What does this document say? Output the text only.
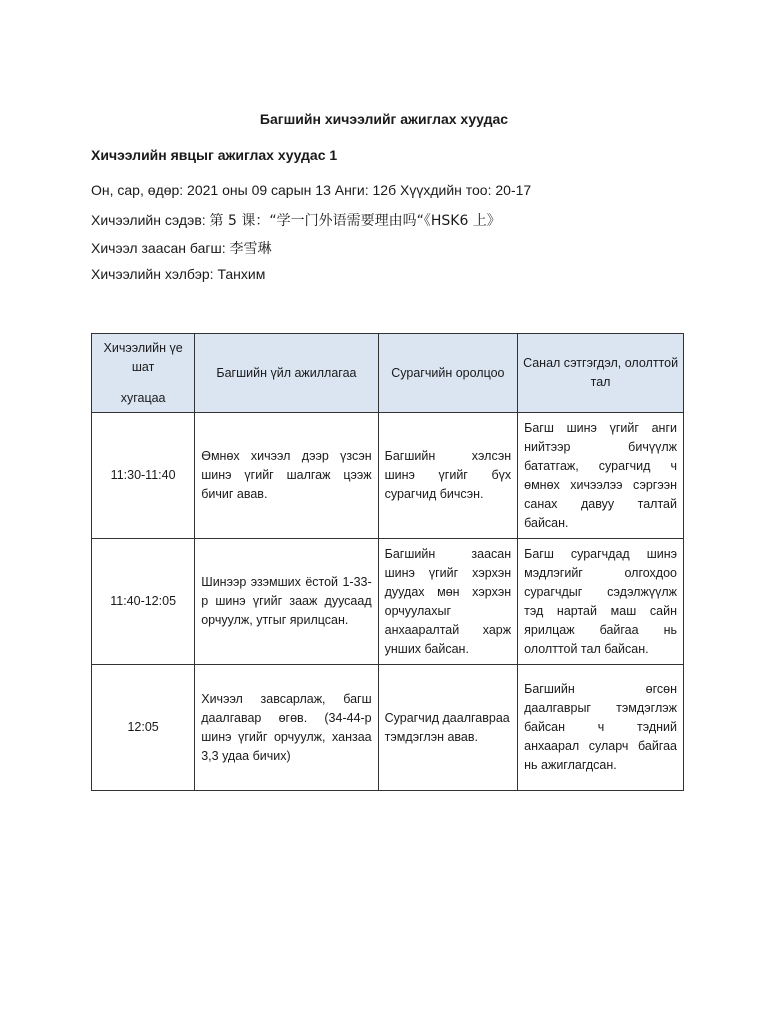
Багшийн хичээлийг ажиглах хуудас
Хичээлийн явцыг ажиглах хуудас 1
Он, сар, өдөр: 2021 оны 09 сарын 13 Анги: 12б Хүүхдийн тоо: 20-17
Хичээлийн сэдэв: 第 5 课：“学一门外语需要理由吗“《HSK6 上》
Хичээл заасан багш: 李雪琳
Хичээлийн хэлбэр: Танхим
Хичээлийн үе
шат
хугацаа	Багшийн үйл ажиллагаа	Сурагчийн оролцоо	Санал сэтгэгдэл, ололттой тал
11:30-11:40	Өмнөх хичээл дээр үзсэн шинэ үгийг шалгаж цээж бичиг авав.	Багшийн хэлсэн шинэ үгийг бүх сурагчид бичсэн.	Багш шинэ үгийг анги нийтээр бичүүлж бататгаж, сурагчид ч өмнөх хичээлээ сэргээн санах давуу талтай байсан.
11:40-12:05	Шинээр эзэмших ёстой 1-33-р шинэ үгийг зааж дуусаад орчуулж, утгыг ярилцсан.	Багшийн заасан шинэ үгийг хэрхэн дуудах мөн хэрхэн орчуулахыг анхааралтай харж унших байсан.	Багш сурагчдад шинэ мэдлэгийг олгохдоо сурагчдыг сэдэлжүүлж тэд нартай маш сайн ярилцаж байгаа нь ололттой тал байсан.
12:05	Хичээл завсарлаж, багш даалгавар өгөв. (34-44-р шинэ үгийг орчуулж, ханзаа 3,3 удаа бичих)	Сурагчид даалгавраа тэмдэглэн авав.	Багшийн өгсөн даалгаврыг тэмдэглэж байсан ч тэдний анхаарал суларч байгаа нь ажиглагдсан.
